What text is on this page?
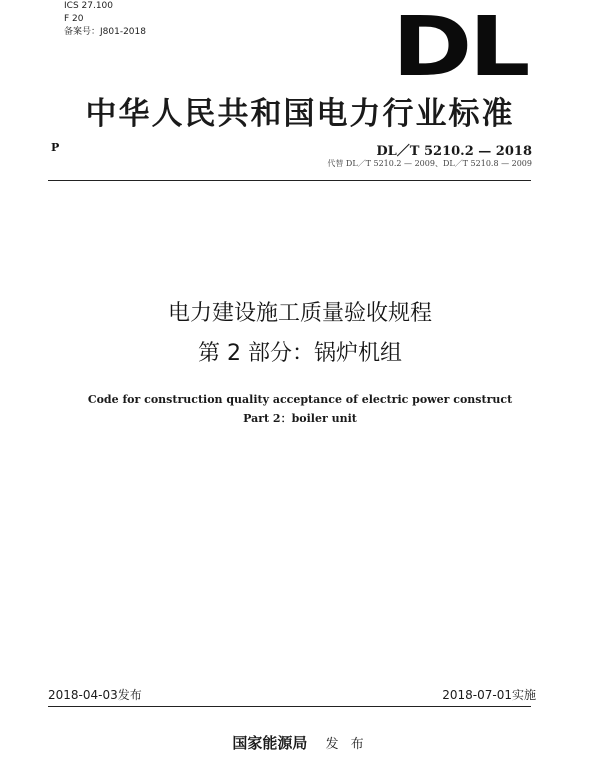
ICS 27.100
F 20
备案号：J801-2018	DL
中华人民共和国电力行业标准
P	DL／T 5210.2 — 2018
代替 DL／T 5210.2 — 2009、DL／T 5210.8 — 2009
电力建设施工质量验收规程
第 2 部分：锅炉机组
Code for construction quality acceptance of electric power construct
Part 2：boiler unit
2018-04-03发布	2018-07-01实施
国家能源局 发 布
